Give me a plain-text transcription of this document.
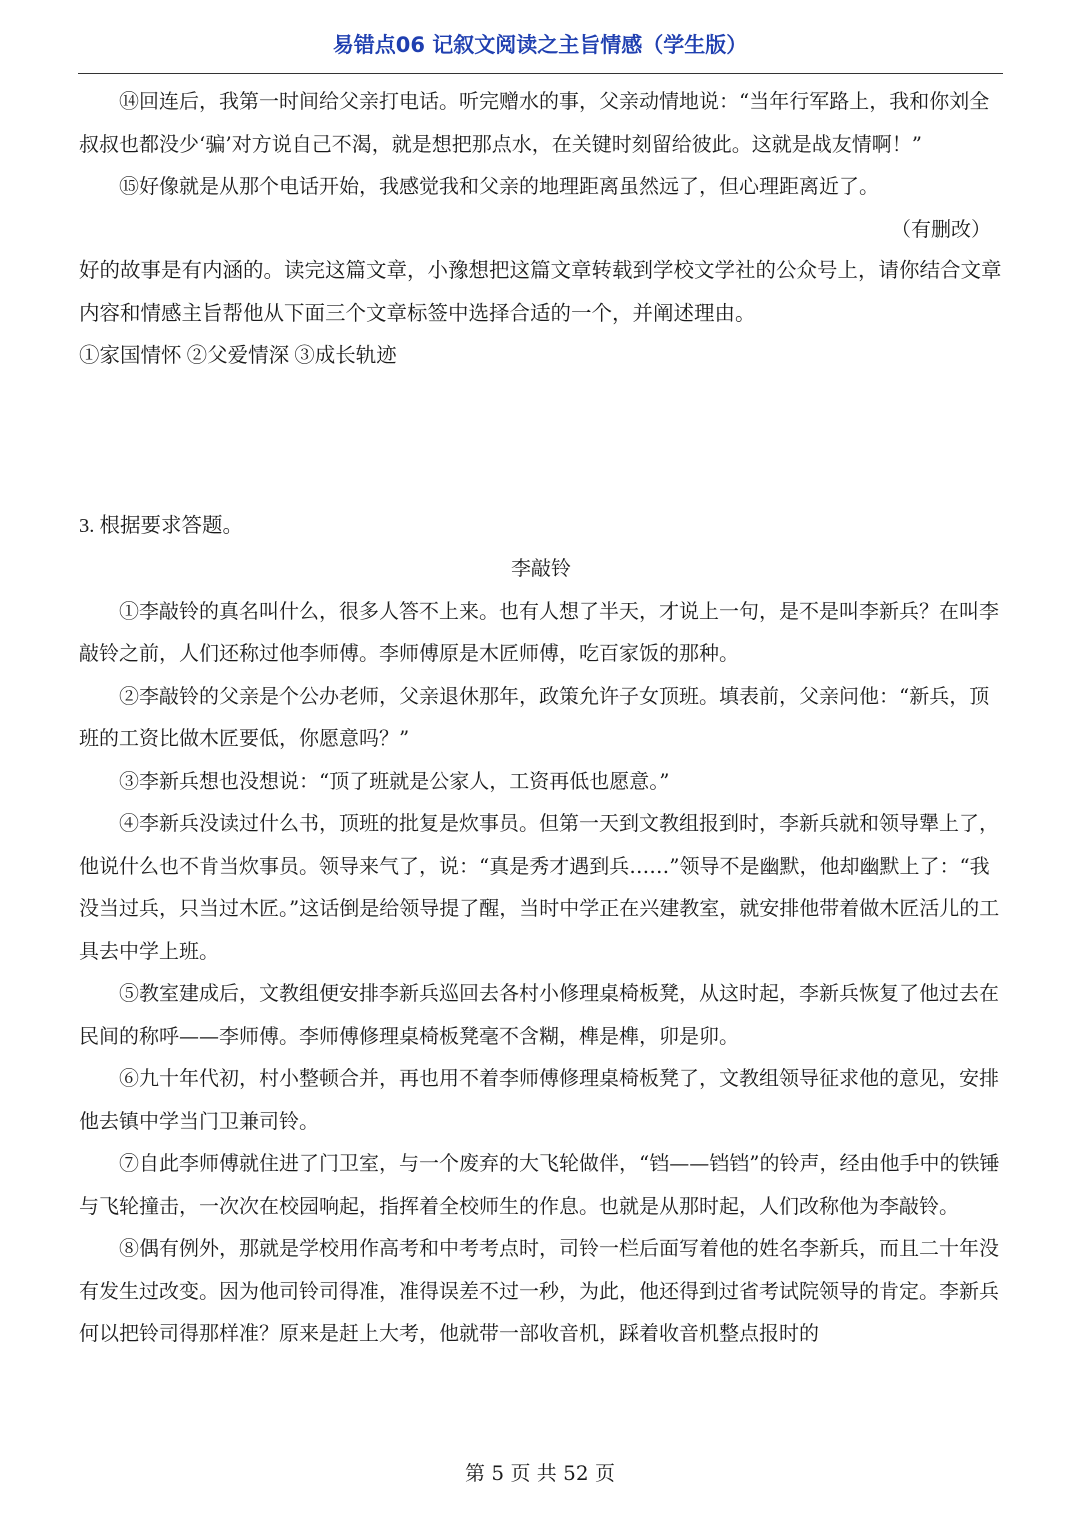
易错点06 记叙文阅读之主旨情感（学生版）

⑭回连后，我第一时间给父亲打电话。听完赠水的事，父亲动情地说：“当年行军路上，我和你刘全叔叔也都没少‘骗’对方说自己不渴，就是想把那点水，在关键时刻留给彼此。这就是战友情啊！”

⑮好像就是从那个电话开始，我感觉我和父亲的地理距离虽然远了，但心理距离近了。

（有删改）

好的故事是有内涵的。读完这篇文章，小豫想把这篇文章转载到学校文学社的公众号上，请你结合文章内容和情感主旨帮他从下面三个文章标签中选择合适的一个，并阐述理由。

①家国情怀 ②父爱情深 ③成长轨迹

3. 根据要求答题。

李敲铃

①李敲铃的真名叫什么，很多人答不上来。也有人想了半天，才说上一句，是不是叫李新兵？在叫李敲铃之前，人们还称过他李师傅。李师傅原是木匠师傅，吃百家饭的那种。

②李敲铃的父亲是个公办老师，父亲退休那年，政策允许子女顶班。填表前，父亲问他：“新兵，顶班的工资比做木匠要低，你愿意吗？”

③李新兵想也没想说：“顶了班就是公家人，工资再低也愿意。”

④李新兵没读过什么书，顶班的批复是炊事员。但第一天到文教组报到时，李新兵就和领导犟上了，他说什么也不肯当炊事员。领导来气了，说：“真是秀才遇到兵……”领导不是幽默，他却幽默上了：“我没当过兵，只当过木匠。”这话倒是给领导提了醒，当时中学正在兴建教室，就安排他带着做木匠活儿的工具去中学上班。

⑤教室建成后，文教组便安排李新兵巡回去各村小修理桌椅板凳，从这时起，李新兵恢复了他过去在民间的称呼——李师傅。李师傅修理桌椅板凳毫不含糊，榫是榫，卯是卯。

⑥九十年代初，村小整顿合并，再也用不着李师傅修理桌椅板凳了，文教组领导征求他的意见，安排他去镇中学当门卫兼司铃。

⑦自此李师傅就住进了门卫室，与一个废弃的大飞轮做伴，“铛——铛铛”的铃声，经由他手中的铁锤与飞轮撞击，一次次在校园响起，指挥着全校师生的作息。也就是从那时起，人们改称他为李敲铃。

⑧偶有例外，那就是学校用作高考和中考考点时，司铃一栏后面写着他的姓名李新兵，而且二十年没有发生过改变。因为他司铃司得准，准得误差不过一秒，为此，他还得到过省考试院领导的肯定。李新兵何以把铃司得那样准？原来是赶上大考，他就带一部收音机，踩着收音机整点报时的

第 5 页 共 52 页
